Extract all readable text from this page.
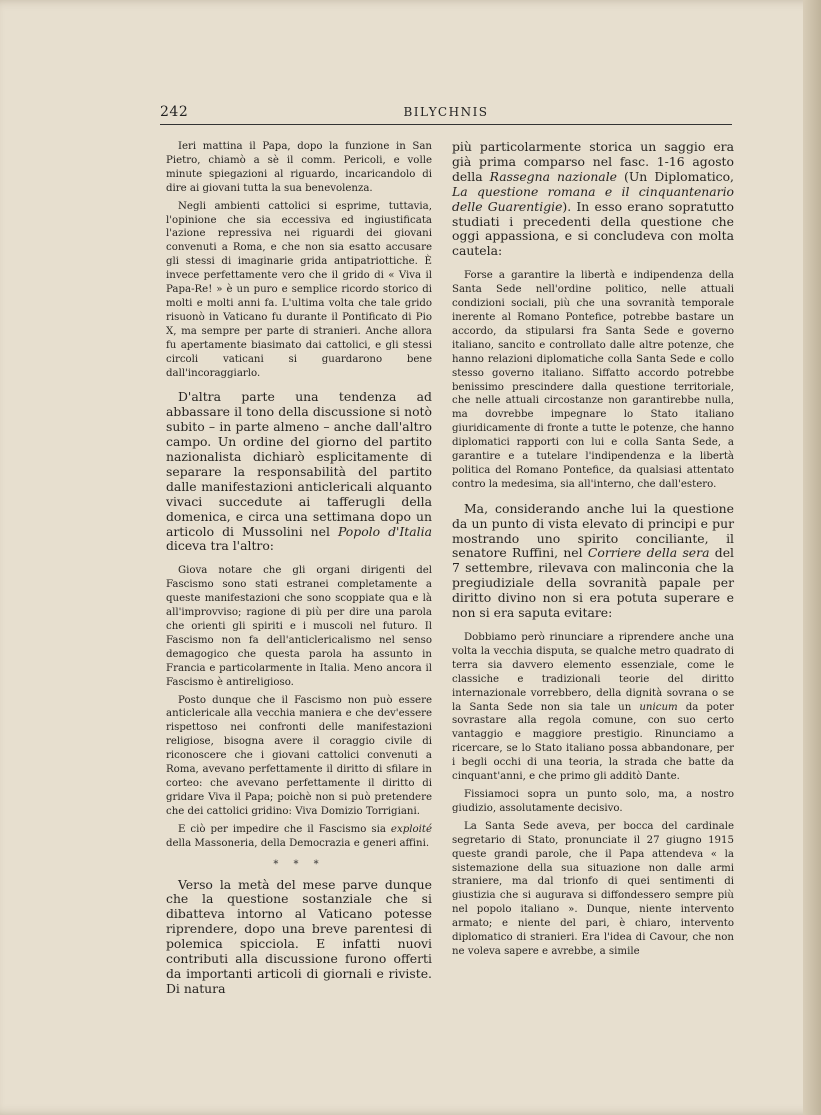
242	BILYCHNIS

Ieri mattina il Papa, dopo la funzione in San Pietro, chiamò a sè il comm. Pericoli, e volle minute spiegazioni al riguardo, incaricandolo di dire ai giovani tutta la sua benevolenza.

Negli ambienti cattolici si esprime, tuttavia, l'opinione che sia eccessiva ed ingiustificata l'azione repressiva nei riguardi dei giovani convenuti a Roma, e che non sia esatto accusare gli stessi di imaginarie grida antipatriottiche. È invece perfettamente vero che il grido di « Viva il Papa-Re! » è un puro e semplice ricordo storico di molti e molti anni fa. L'ultima volta che tale grido risuonò in Vaticano fu durante il Pontificato di Pio X, ma sempre per parte di stranieri. Anche allora fu apertamente biasimato dai cattolici, e gli stessi circoli vaticani si guardarono bene dall'incoraggiarlo.

D'altra parte una tendenza ad abbassare il tono della discussione si notò subito – in parte almeno – anche dall'altro campo. Un ordine del giorno del partito nazionalista dichiarò esplicitamente di separare la responsabilità del partito dalle manifestazioni anticlericali alquanto vivaci succedute ai tafferugli della domenica, e circa una settimana dopo un articolo di Mussolini nel Popolo d'Italia diceva tra l'altro:

Giova notare che gli organi dirigenti del Fascismo sono stati estranei completamente a queste manifestazioni che sono scoppiate qua e là all'improvviso; ragione di più per dire una parola che orienti gli spiriti e i muscoli nel futuro. Il Fascismo non fa dell'anticlericalismo nel senso demagogico che questa parola ha assunto in Francia e particolarmente in Italia. Meno ancora il Fascismo è antireligioso.

Posto dunque che il Fascismo non può essere anticlericale alla vecchia maniera e che dev'essere rispettoso nei confronti delle manifestazioni religiose, bisogna avere il coraggio civile di riconoscere che i giovani cattolici convenuti a Roma, avevano perfettamente il diritto di sfilare in corteo: che avevano perfettamente il diritto di gridare Viva il Papa; poichè non si può pretendere che dei cattolici gridino: Viva Domizio Torrigiani.

E ciò per impedire che il Fascismo sia exploité della Massoneria, della Democrazia e generi affini.

* * *

Verso la metà del mese parve dunque che la questione sostanziale che si dibatteva intorno al Vaticano potesse riprendere, dopo una breve parentesi di polemica spicciola. E infatti nuovi contributi alla discussione furono offerti da importanti articoli di giornali e riviste. Di natura

più particolarmente storica un saggio era già prima comparso nel fasc. 1-16 agosto della Rassegna nazionale (Un Diplomatico, La questione romana e il cinquantenario delle Guarentigie). In esso erano sopratutto studiati i precedenti della questione che oggi appassiona, e si concludeva con molta cautela:

Forse a garantire la libertà e indipendenza della Santa Sede nell'ordine politico, nelle attuali condizioni sociali, più che una sovranità temporale inerente al Romano Pontefice, potrebbe bastare un accordo, da stipularsi fra Santa Sede e governo italiano, sancito e controllato dalle altre potenze, che hanno relazioni diplomatiche colla Santa Sede e collo stesso governo italiano. Siffatto accordo potrebbe benissimo prescindere dalla questione territoriale, che nelle attuali circostanze non garantirebbe nulla, ma dovrebbe impegnare lo Stato italiano giuridicamente di fronte a tutte le potenze, che hanno diplomatici rapporti con lui e colla Santa Sede, a garantire e a tutelare l'indipendenza e la libertà politica del Romano Pontefice, da qualsiasi attentato contro la medesima, sia all'interno, che dall'estero.

Ma, considerando anche lui la questione da un punto di vista elevato di principi e pur mostrando uno spirito conciliante, il senatore Ruffini, nel Corriere della sera del 7 settembre, rilevava con malinconia che la pregiudiziale della sovranità papale per diritto divino non si era potuta superare e non si era saputa evitare:

Dobbiamo però rinunciare a riprendere anche una volta la vecchia disputa, se qualche metro quadrato di terra sia davvero elemento essenziale, come le classiche e tradizionali teorie del diritto internazionale vorrebbero, della dignità sovrana o se la Santa Sede non sia tale un unicum da poter sovrastare alla regola comune, con suo certo vantaggio e maggiore prestigio. Rinunciamo a ricercare, se lo Stato italiano possa abbandonare, per i begli occhi di una teoria, la strada che batte da cinquant'anni, e che primo gli additò Dante.

Fissiamoci sopra un punto solo, ma, a nostro giudizio, assolutamente decisivo.

La Santa Sede aveva, per bocca del cardinale segretario di Stato, pronunciate il 27 giugno 1915 queste grandi parole, che il Papa attendeva « la sistemazione della sua situazione non dalle armi straniere, ma dal trionfo di quei sentimenti di giustizia che si augurava si diffondessero sempre più nel popolo italiano ». Dunque, niente intervento armato; e niente del pari, è chiaro, intervento diplomatico di stranieri. Era l'idea di Cavour, che non ne voleva sapere e avrebbe, a simile
